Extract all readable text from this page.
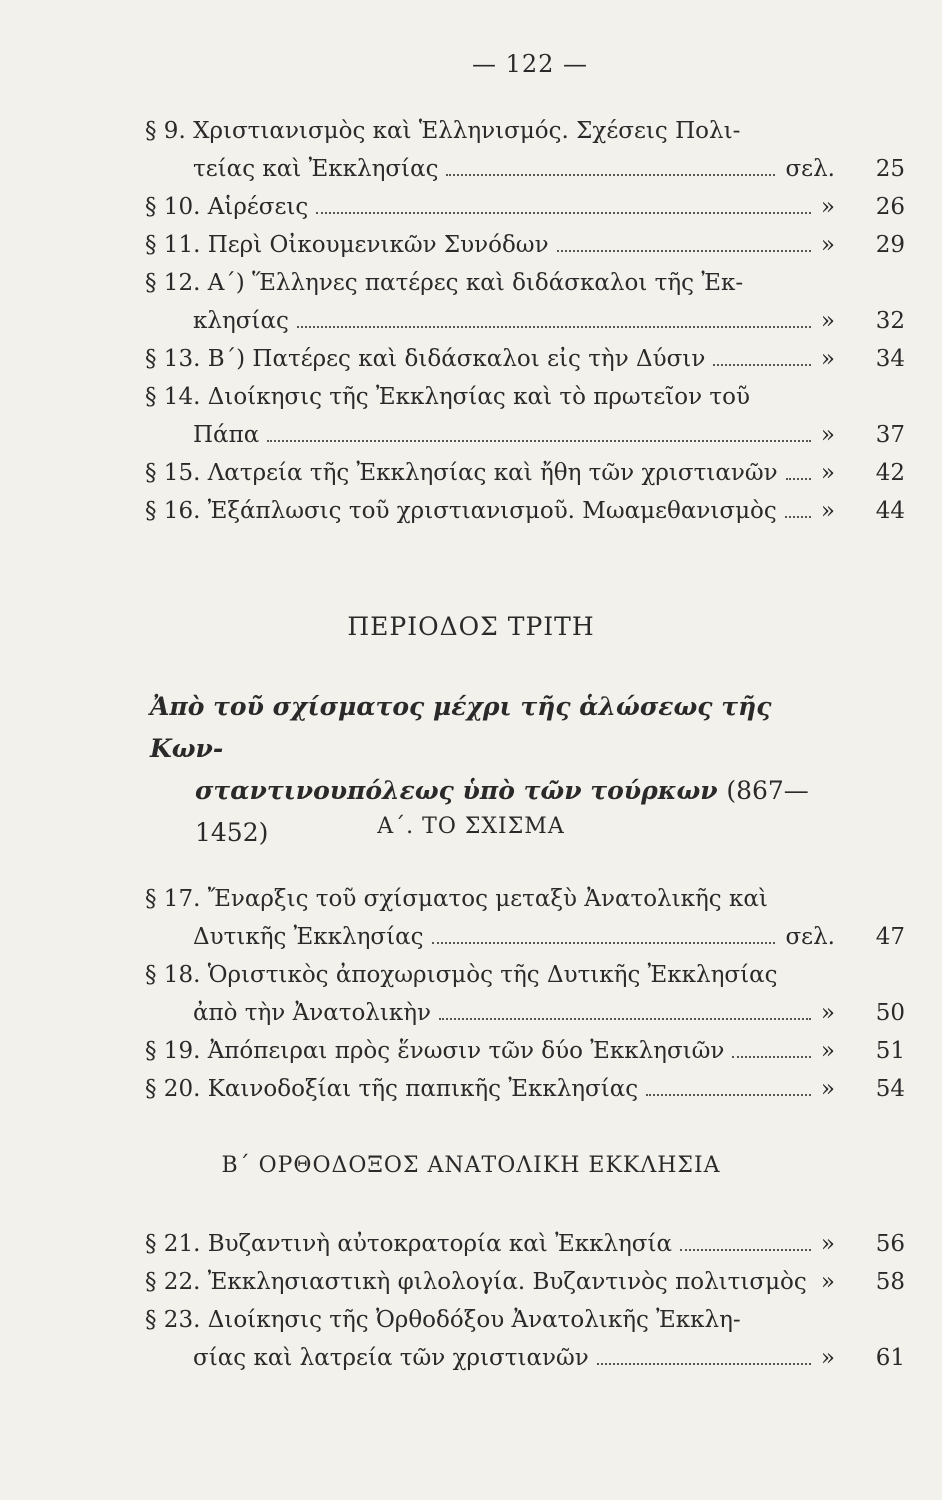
— 122 —
§ 9. Χριστιανισμὸς καὶ Ἑλληνισμός. Σχέσεις Πολι-
τείας καὶ Ἐκκλησίας	σελ. 25
§ 10. Αἱρέσεις	» 26
§ 11. Περὶ Οἰκουμενικῶν Συνόδων	» 29
§ 12. Α΄) Ἕλληνες πατέρες καὶ διδάσκαλοι τῆς Ἐκ-
κλησίας	» 32
§ 13. Β΄) Πατέρες καὶ διδάσκαλοι εἰς τὴν Δύσιν	» 34
§ 14. Διοίκησις τῆς Ἐκκλησίας καὶ τὸ πρωτεῖον τοῦ
Πάπα	» 37
§ 15. Λατρεία τῆς Ἐκκλησίας καὶ ἤθη τῶν χριστιανῶν » 42
§ 16. Ἐξάπλωσις τοῦ χριστιανισμοῦ. Μωαμεθανισμὸς » 44
ΠΕΡΙΟΔΟΣ ΤΡΙΤΗ
Ἀπὸ τοῦ σχίσματος μέχρι τῆς ἁλώσεως τῆς Κων-
σταντινουπόλεως ὑπὸ τῶν τούρκων (867—1452)	Α΄. ΤΟ ΣΧΙΣΜΑ
§ 17. Ἔναρξις τοῦ σχίσματος μεταξὺ Ἀνατολικῆς καὶ
Δυτικῆς Ἐκκλησίας	σελ. 47
§ 18. Ὁριστικὸς ἀποχωρισμὸς τῆς Δυτικῆς Ἐκκλησίας
ἀπὸ τὴν Ἀνατολικὴν	» 50
§ 19. Ἀπόπειραι πρὸς ἕνωσιν τῶν δύο Ἐκκλησιῶν	» 51
§ 20. Καινοδοξίαι τῆς παπικῆς Ἐκκλησίας	» 54
Β΄ ΟΡΘΟΔΟΞΟΣ ΑΝΑΤΟΛΙΚΗ ΕΚΚΛΗΣΙΑ
§ 21. Βυζαντινὴ αὐτοκρατορία καὶ Ἐκκλησία	» 56
§ 22. Ἐκκλησιαστικὴ φιλολογία. Βυζαντινὸς πολιτισμὸς » 58
§ 23. Διοίκησις τῆς Ὀρθοδόξου Ἀνατολικῆς Ἐκκλη-
σίας καὶ λατρεία τῶν χριστιανῶν	» 61
